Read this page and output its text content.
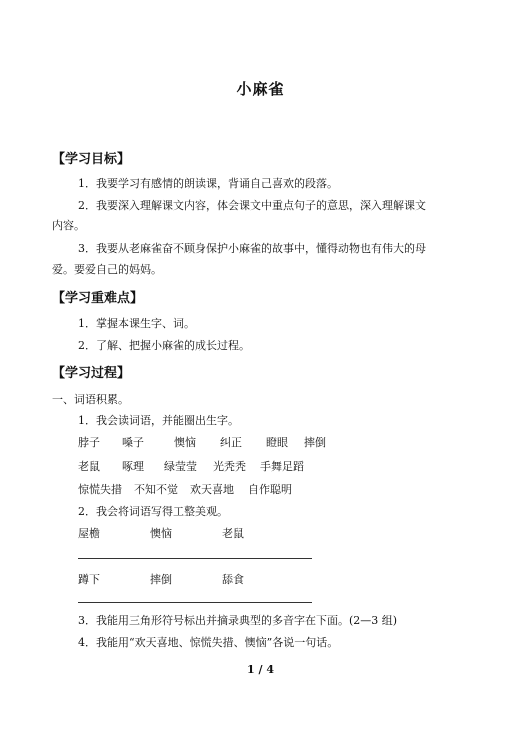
小麻雀
【学习目标】
1．我要学习有感情的朗读课，背诵自己喜欢的段落。
2．我要深入理解课文内容，体会课文中重点句子的意思，深入理解课文
内容。
3．我要从老麻雀奋不顾身保护小麻雀的故事中，懂得动物也有伟大的母
爱。要爱自己的妈妈。
【学习重难点】
1．掌握本课生字、词。
2．了解、把握小麻雀的成长过程。
【学习过程】
一、词语积累。
1．我会读词语，并能圈出生字。
脖子 嗓子	懊恼 纠正 瞪眼 摔倒
老鼠 啄理 绿莹莹 光秃秃 手舞足蹈
惊慌失措 不知不觉 欢天喜地 自作聪明
2．我会将词语写得工整美观。
屋檐	懊恼	老鼠
蹲下	摔倒	舔食
3．我能用三角形符号标出并摘录典型的多音字在下面。(2—3 组)
4．我能用“欢天喜地、惊慌失措、懊恼”各说一句话。
1 / 4
